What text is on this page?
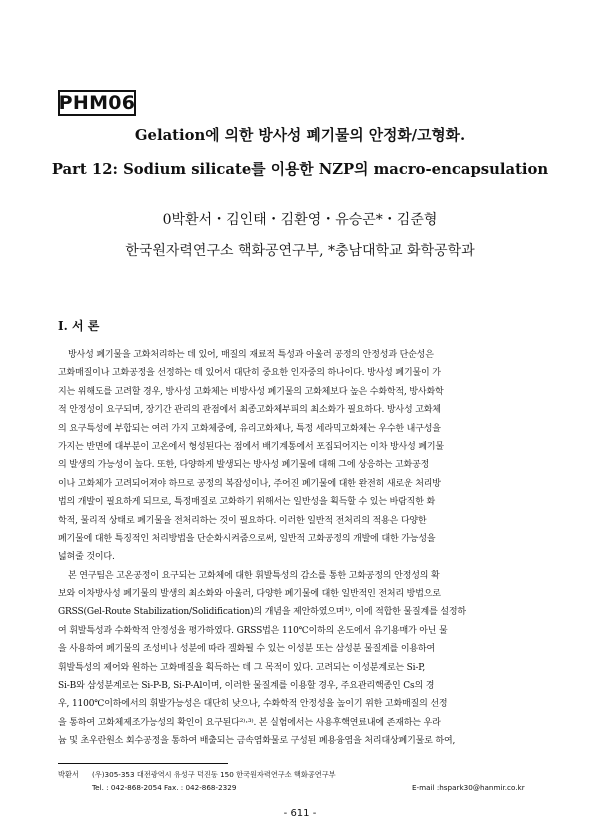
PHM06
Gelation에 의한 방사성 폐기물의 안정화/고형화.
Part 12: Sodium silicate를 이용한 NZP의 macro-encapsulation
0박환서・김인태・김환영・유승곤*・김준형
한국원자력연구소 핵화공연구부, *충남대학교 화학공학과
I. 서 론
방사성 폐기물을 고화처리하는 데 있어, 매질의 재료적 특성과 아울러 공정의 안정성과 단순성은
고화매질이나 고화공정을 선정하는 데 있어서 대단히 중요한 인자중의 하나이다. 방사성 폐기물이 가
지는 위해도를 고려할 경우, 방사성 고화체는 비방사성 폐기물의 고화체보다 높은 수화학적, 방사화학
적 안정성이 요구되며, 장기간 관리의 관점에서 최종고화체부피의 최소화가 필요하다. 방사성 고화체
의 요구특성에 부합되는 여러 가지 고화체중에, 유리고화체나, 특정 세라믹고화체는 우수한 내구성을
가지는 반면에 대부분이 고온에서 형성된다는 점에서 배기계통에서 포집되어지는 이차 방사성 폐기물
의 발생의 가능성이 높다. 또한, 다양하게 발생되는 방사성 폐기물에 대해 그에 상응하는 고화공정
이나 고화체가 고려되어져야 하므로 공정의 복잡성이나, 주어진 폐기물에 대한 완전히 새로운 처리방
법의 개발이 필요하게 되므로, 특정매질로 고화하기 위해서는 일반성을 획득할 수 있는 바람직한 화
학적, 물리적 상태로 폐기물을 전처리하는 것이 필요하다. 이러한 일반적 전처리의 적용은 다양한
폐기물에 대한 특징적인 처리방법을 단순화시켜줌으로써, 일반적 고화공정의 개발에 대한 가능성을
넓혀줄 것이다.
본 연구팀은 고온공정이 요구되는 고화체에 대한 휘발특성의 감소를 통한 고화공정의 안정성의 확
보와 이차방사성 폐기물의 발생의 최소화와 아울러, 다양한 폐기물에 대한 일반적인 전처리 방법으로
GRSS(Gel-Route Stabilization/Solidification)의 개념을 제안하였으며¹⁾, 이에 적합한 물질계를 설정하
여 휘발특성과 수화학적 안정성을 평가하였다. GRSS법은 110℃이하의 온도에서 유기용매가 아닌 물
을 사용하여 폐기물의 조성비나 성분에 따라 겔화될 수 있는 이성분 또는 삼성분 물질계를 이용하여
휘발특성의 제어와 원하는 고화매질을 획득하는 데 그 목적이 있다. 고려되는 이성분계로는 Si-P,
Si-B와 삼성분계로는 Si-P-B, Si-P-Al이며, 이러한 물질계를 이용할 경우, 주요관리핵종인 Cs의 경
우, 1100℃이하에서의 휘발가능성은 대단히 낮으나, 수화학적 안정성을 높이기 위한 고화매질의 선정
을 통하여 고화체제조가능성의 확인이 요구된다²⁾·³⁾. 본 실험에서는 사용후핵연료내에 존재하는 우라
늄 및 초우란원소 회수공정을 통하여 배출되는 금속염화물로 구성된 폐용융염을 처리대상폐기물로 하여,
박환서 (우)305-353 대전광역시 유성구 덕진동 150 한국원자력연구소 핵화공연구부
Tel. : 042-868-2054 Fax. : 042-868-2329	E-mail :hspark30@hanmir.co.kr
- 611 -
